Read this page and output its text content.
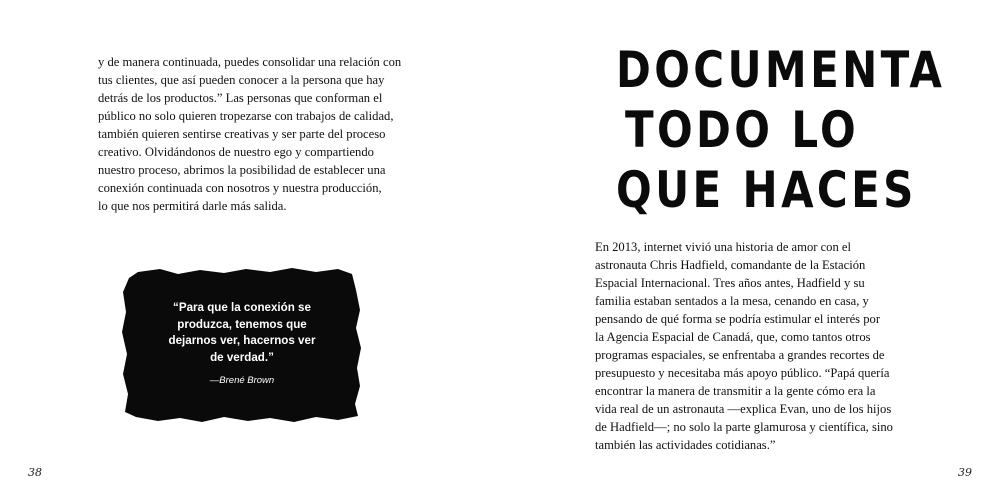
y de manera continuada, puedes consolidar una relación con
tus clientes, que así pueden conocer a la persona que hay
detrás de los productos.” Las personas que conforman el
público no solo quieren tropezarse con trabajos de calidad,
también quieren sentirse creativas y ser parte del proceso
creativo. Olvidándonos de nuestro ego y compartiendo
nuestro proceso, abrimos la posibilidad de establecer una
conexión continuada con nosotros y nuestra producción,
lo que nos permitirá darle más salida.
“Para que la conexión se
produzca, tenemos que
dejarnos ver, hacernos ver
de verdad.”
—Brené Brown
38
DOCUMENTA
TODO LO
QUE HACES
En 2013, internet vivió una historia de amor con el
astronauta Chris Hadfield, comandante de la Estación
Espacial Internacional. Tres años antes, Hadfield y su
familia estaban sentados a la mesa, cenando en casa, y
pensando de qué forma se podría estimular el interés por
la Agencia Espacial de Canadá, que, como tantos otros
programas espaciales, se enfrentaba a grandes recortes de
presupuesto y necesitaba más apoyo público. “Papá quería
encontrar la manera de transmitir a la gente cómo era la
vida real de un astronauta —explica Evan, uno de los hijos
de Hadfield—; no solo la parte glamurosa y científica, sino
también las actividades cotidianas.”
39
